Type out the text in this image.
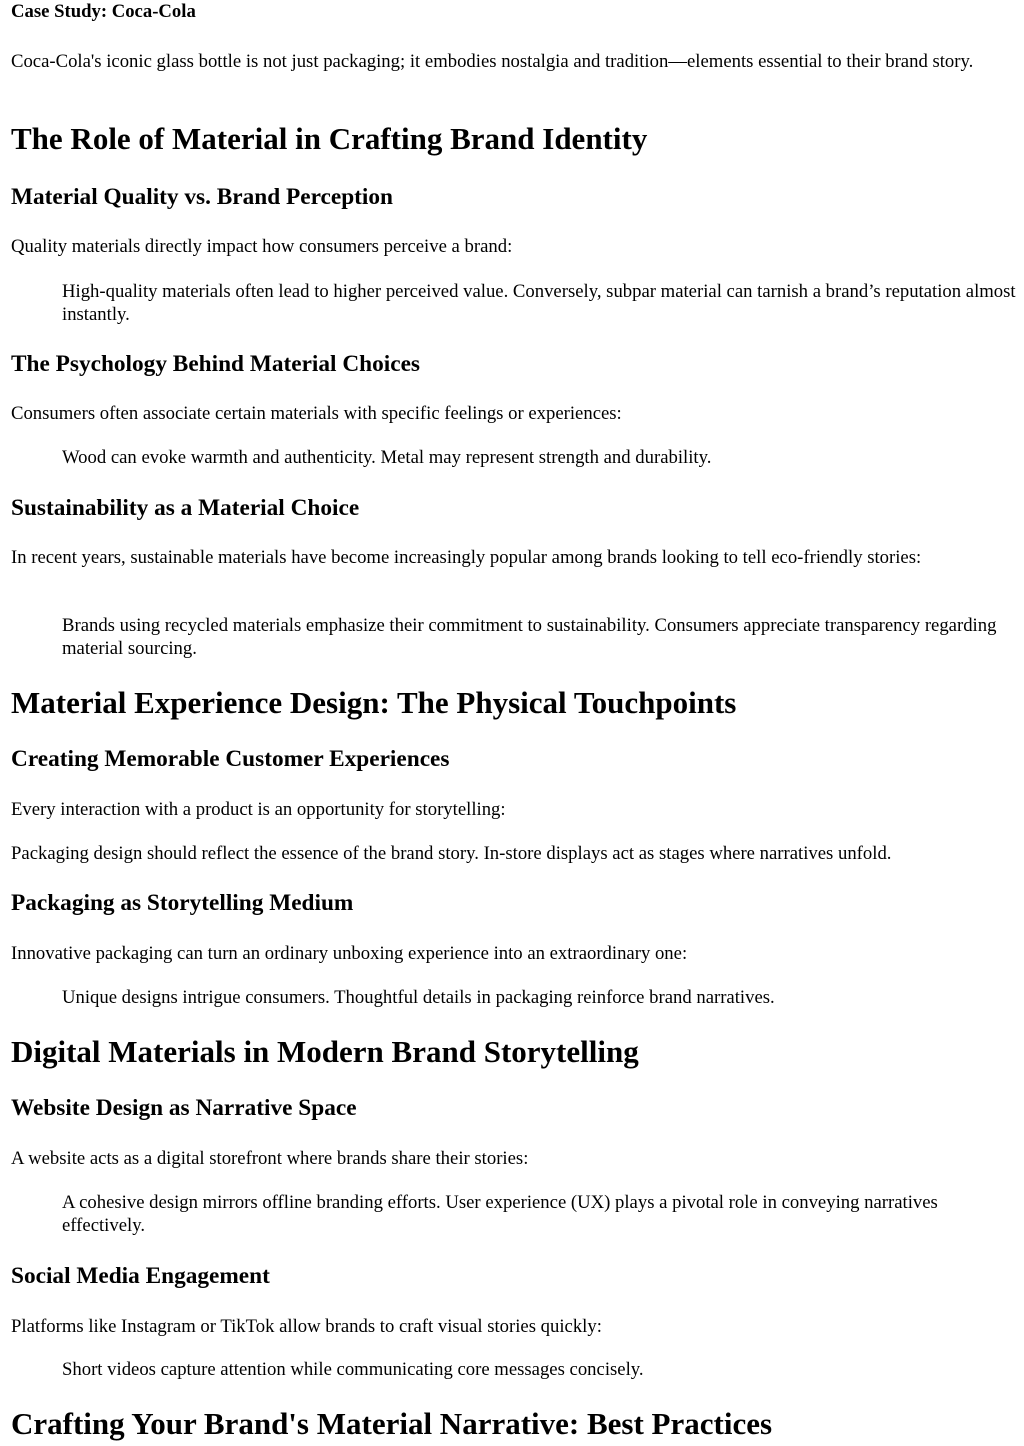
Case Study: Coca-Cola

Coca-Cola's iconic glass bottle is not just packaging; it embodies nostalgia and tradition—elements essential to their brand story.

The Role of Material in Crafting Brand Identity
Material Quality vs. Brand Perception

Quality materials directly impact how consumers perceive a brand:

High-quality materials often lead to higher perceived value. Conversely, subpar material can tarnish a brand’s reputation almost instantly.
The Psychology Behind Material Choices

Consumers often associate certain materials with specific feelings or experiences:

Wood can evoke warmth and authenticity. Metal may represent strength and durability.
Sustainability as a Material Choice

In recent years, sustainable materials have become increasingly popular among brands looking to tell eco-friendly stories:

Brands using recycled materials emphasize their commitment to sustainability. Consumers appreciate transparency regarding material sourcing.
Material Experience Design: The Physical Touchpoints
Creating Memorable Customer Experiences

Every interaction with a product is an opportunity for storytelling:

Packaging design should reflect the essence of the brand story. In-store displays act as stages where narratives unfold.

Packaging as Storytelling Medium

Innovative packaging can turn an ordinary unboxing experience into an extraordinary one:

Unique designs intrigue consumers. Thoughtful details in packaging reinforce brand narratives.
Digital Materials in Modern Brand Storytelling
Website Design as Narrative Space

A website acts as a digital storefront where brands share their stories:

A cohesive design mirrors offline branding efforts. User experience (UX) plays a pivotal role in conveying narratives effectively.
Social Media Engagement

Platforms like Instagram or TikTok allow brands to craft visual stories quickly:

Short videos capture attention while communicating core messages concisely.
Crafting Your Brand's Material Narrative: Best Practices
